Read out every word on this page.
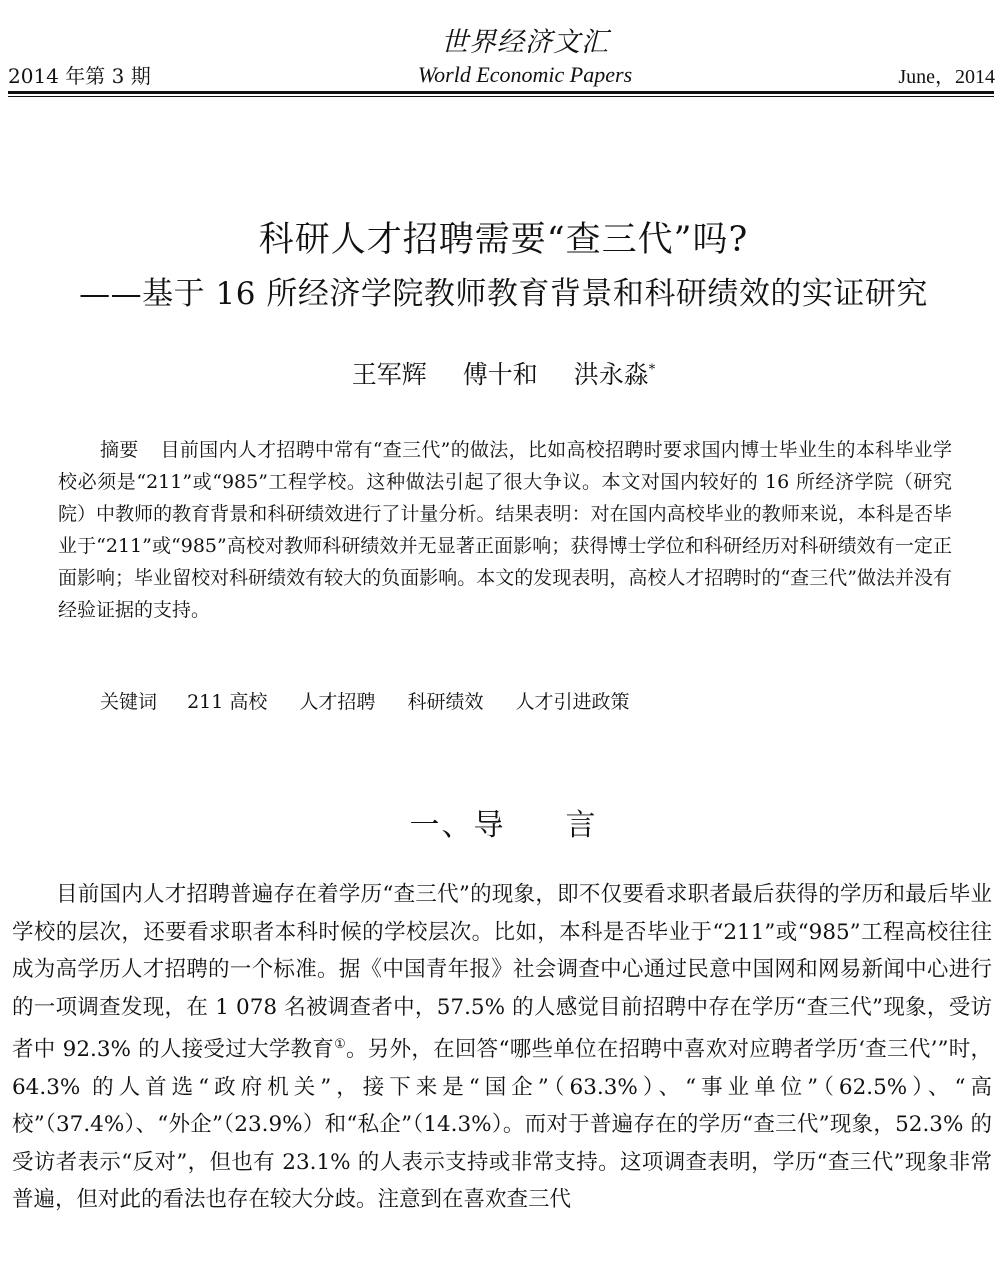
世界经济文汇
2014 年第 3 期	World Economic Papers	June，2014
科研人才招聘需要“查三代”吗?
——基于 16 所经济学院教师教育背景和科研绩效的实证研究
王军辉 傅十和 洪永淼*
摘要 目前国内人才招聘中常有“查三代”的做法，比如高校招聘时要求国内博士毕业生的本科毕业学校必须是“211”或“985”工程学校。这种做法引起了很大争议。本文对国内较好的 16 所经济学院（研究院）中教师的教育背景和科研绩效进行了计量分析。结果表明：对在国内高校毕业的教师来说，本科是否毕业于“211”或“985”高校对教师科研绩效并无显著正面影响；获得博士学位和科研经历对科研绩效有一定正面影响；毕业留校对科研绩效有较大的负面影响。本文的发现表明，高校人才招聘时的“查三代”做法并没有经验证据的支持。
关键词 211 高校 人才招聘 科研绩效 人才引进政策
一、导 言
目前国内人才招聘普遍存在着学历“查三代”的现象，即不仅要看求职者最后获得的学历和最后毕业学校的层次，还要看求职者本科时候的学校层次。比如，本科是否毕业于“211”或“985”工程高校往往成为高学历人才招聘的一个标准。据《中国青年报》社会调查中心通过民意中国网和网易新闻中心进行的一项调查发现，在 1 078 名被调查者中，57.5% 的人感觉目前招聘中存在学历“查三代”现象，受访者中 92.3% 的人接受过大学教育①。另外，在回答“哪些单位在招聘中喜欢对应聘者学历‘查三代’”时，64.3% 的人首选“政府机关”，接下来是“国企”（63.3%）、“事业单位”（62.5%）、“高校”（37.4%）、“外企”（23.9%）和“私企”（14.3%）。而对于普遍存在的学历“查三代”现象，52.3% 的受访者表示“反对”，但也有 23.1% 的人表示支持或非常支持。这项调查表明，学历“查三代”现象非常普遍，但对此的看法也存在较大分歧。注意到在喜欢查三代
